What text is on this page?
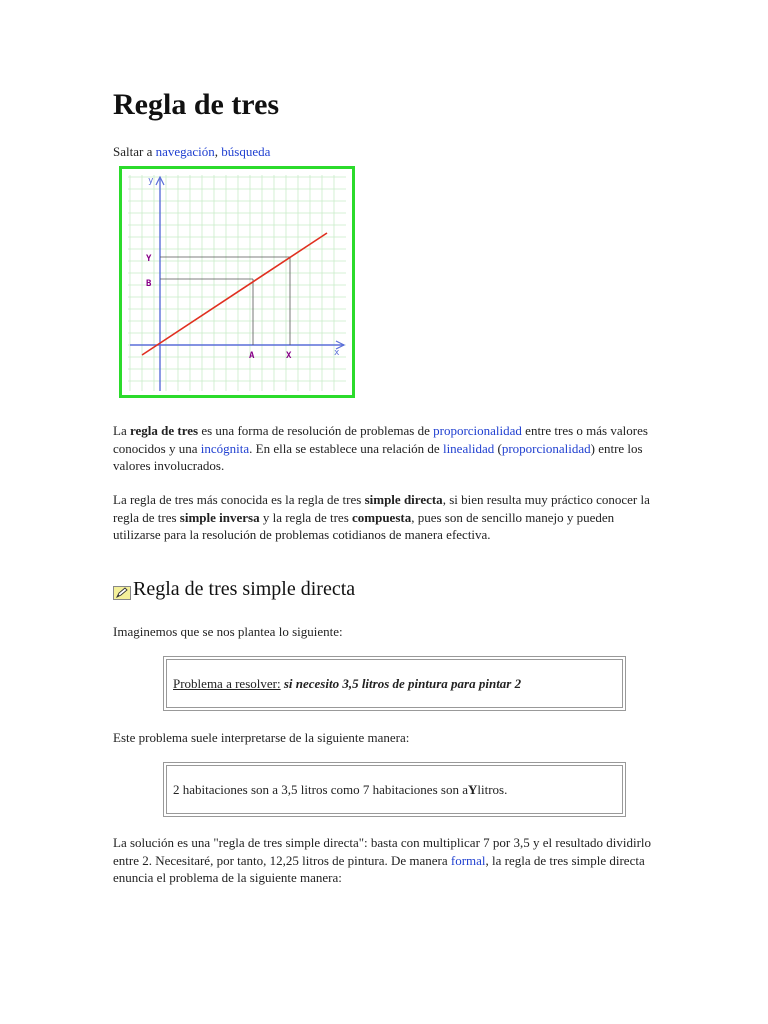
Regla de tres
Saltar a navegación, búsqueda
y
x
Y
B
A	X

La regla de tres es una forma de resolución de problemas de proporcionalidad entre tres o más valores conocidos y una incógnita. En ella se establece una relación de linealidad (proporcionalidad) entre los valores involucrados.

La regla de tres más conocida es la regla de tres simple directa, si bien resulta muy práctico conocer la regla de tres simple inversa y la regla de tres compuesta, pues son de sencillo manejo y pueden utilizarse para la resolución de problemas cotidianos de manera efectiva.

Regla de tres simple directa

Imaginemos que se nos plantea lo siguiente:

Problema a resolver:
si necesito 3,5 litros de pintura para pintar 2

Este problema suele interpretarse de la siguiente manera:

2 habitaciones son a 3,5 litros como 7 habitaciones son a Y litros.

La solución es una "regla de tres simple directa": basta con multiplicar 7 por 3,5 y el resultado dividirlo entre 2. Necesitaré, por tanto, 12,25 litros de pintura. De manera formal, la regla de tres simple directa enuncia el problema de la siguiente manera:
